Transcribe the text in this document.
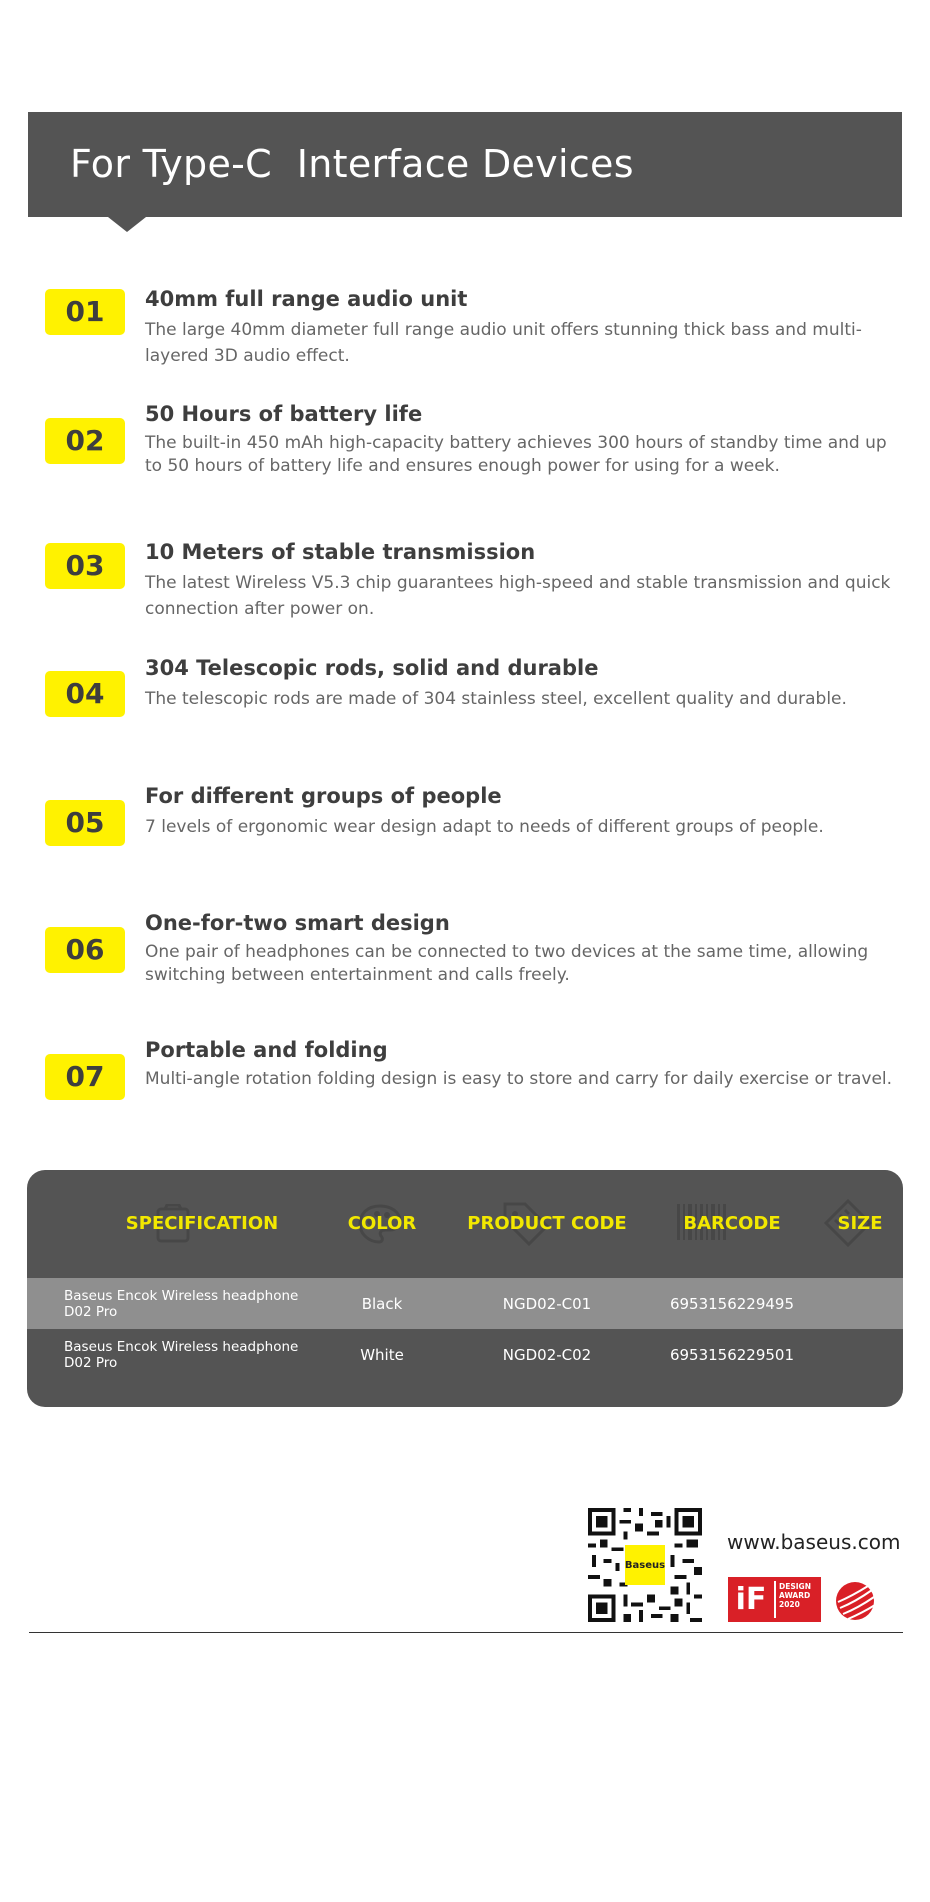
For Type-C  Interface Devices
01	40mm full range audio unit
The large 40mm diameter full range audio unit offers stunning thick bass and multi-layered 3D audio effect.
02
50 Hours of battery life
The built-in 450 mAh high-capacity battery achieves 300 hours of standby time and up to 50 hours of battery life and ensures enough power for using for a week.
03	10 Meters of stable transmission
The latest Wireless V5.3 chip guarantees high-speed and stable transmission and quick connection after power on.
04
304 Telescopic rods, solid and durable
The telescopic rods are made of 304 stainless steel, excellent quality and durable.
05
For different groups of people
7 levels of ergonomic wear design adapt to needs of different groups of people.
06
One-for-two smart design
One pair of headphones can be connected to two devices at the same time, allowing switching between entertainment and calls freely.
07
Portable and folding
Multi-angle rotation folding design is easy to store and carry for daily exercise or travel.
SPECIFICATION	COLOR	PRODUCT CODE	BARCODE	SIZE
Baseus Encok Wireless headphone D02 Pro	Black	NGD02-C01	6953156229495
Baseus Encok Wireless headphone D02 Pro	White	NGD02-C02	6953156229501
Baseus
www.baseus.com
iF	DESIGN
AWARD
2020
